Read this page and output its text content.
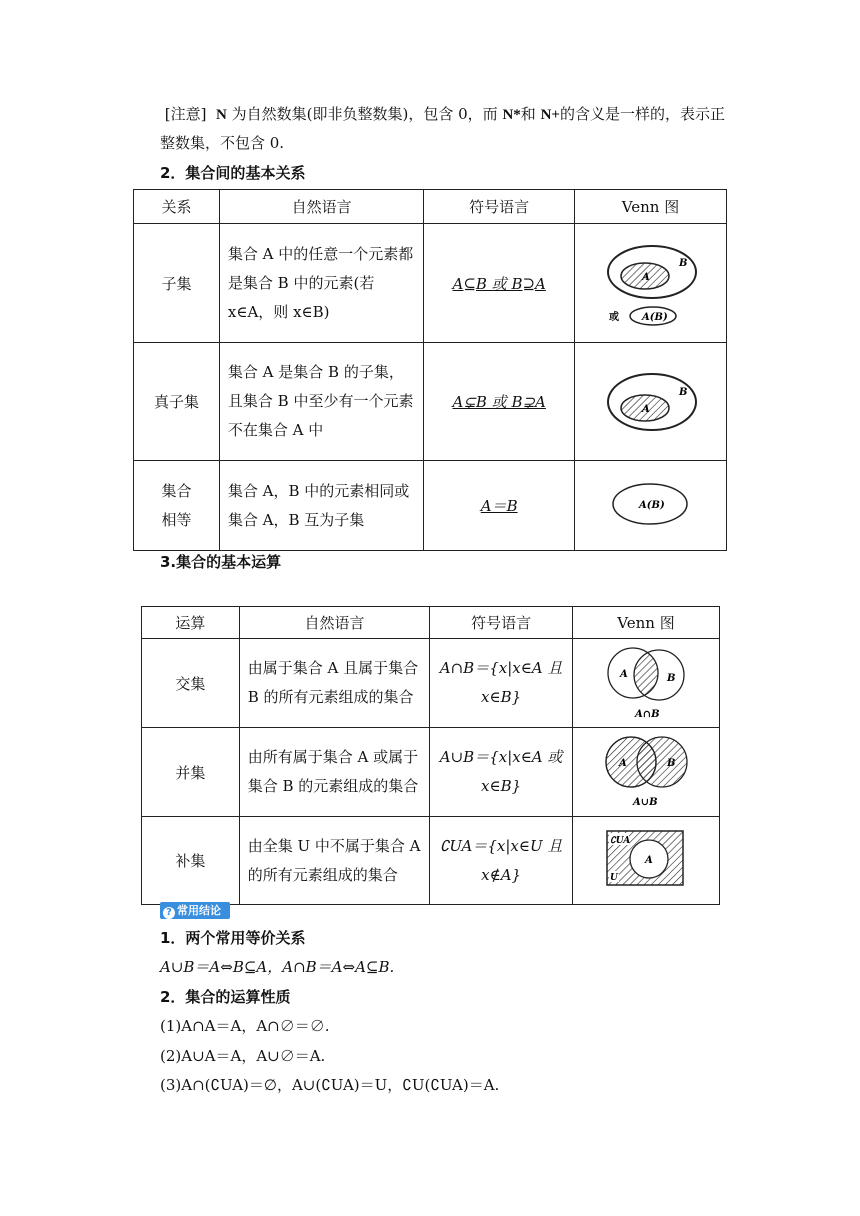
[注意] N 为自然数集(即非负整数集)，包含 0，而 N*和 N+的含义是一样的，表示正整数集，不包含 0.
2．集合间的基本关系
关系	自然语言	符号语言	Venn 图
子集	集合 A 中的任意一个元素都是集合 B 中的元素(若 x∈A，则 x∈B)	A⊆B 或 B⊇A	A
B
或 A(B)

真子集	集合 A 是集合 B 的子集，且集合 B 中至少有一个元素不在集合 A 中	A⊊B 或 B⊋A	A
B

集合相等	集合 A，B 中的元素相同或集合 A，B 互为子集	A＝B	A(B)
3.集合的基本运算
运算	自然语言	符号语言	Venn 图
交集	由属于集合 A 且属于集合 B 的所有元素组成的集合	A∩B＝{x|x∈A 且 x∈B}	A B
A∩B

并集	由所有属于集合 A 或属于集合 B 的元素组成的集合	A∪B＝{x|x∈A 或 x∈B}	A B
A∪B

补集	由全集 U 中不属于集合 A 的所有元素组成的集合	∁UA＝{x|x∈U 且 x∉A}	∁UA
A
U
? 常用结论
1．两个常用等价关系
A∪B＝A⇔B⊆A，A∩B＝A⇔A⊆B.
2．集合的运算性质
(1)A∩A＝A，A∩∅＝∅.
(2)A∪A＝A，A∪∅＝A.
(3)A∩(∁UA)＝∅，A∪(∁UA)＝U，∁U(∁UA)＝A.
